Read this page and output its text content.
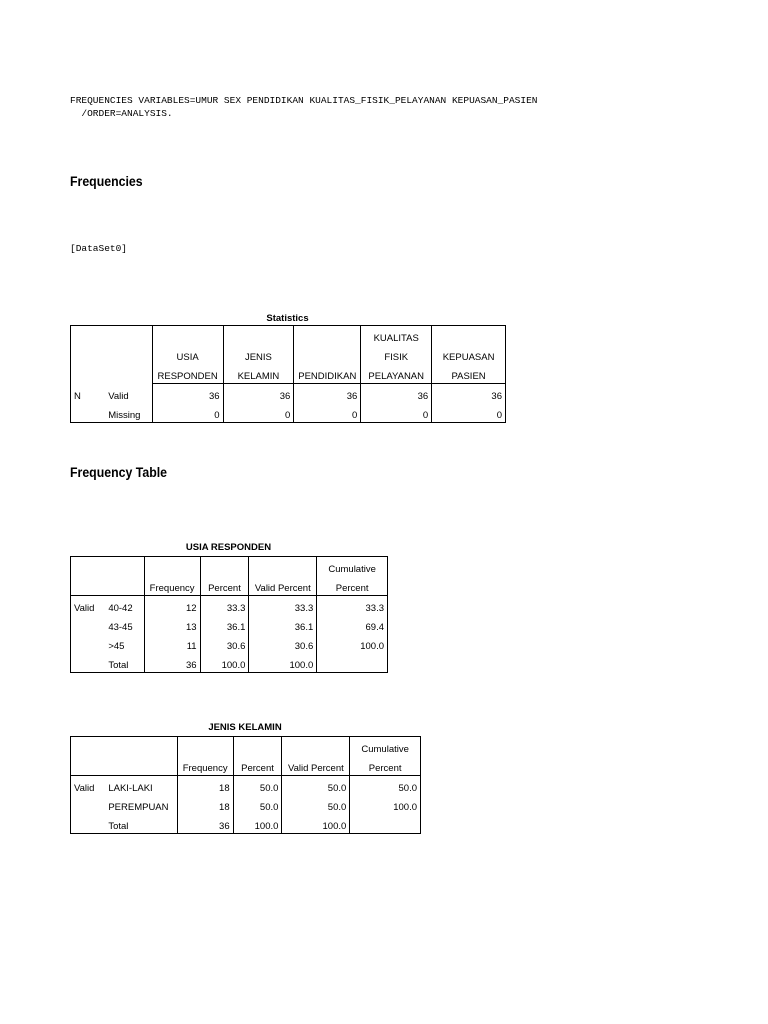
FREQUENCIES VARIABLES=UMUR SEX PENDIDIKAN KUALITAS_FISIK_PELAYANAN KEPUASAN_PASIEN
/ORDER=ANALYSIS.
Frequencies
[DataSet0]
Statistics
					KUALITAS	
		USIA	JENIS		FISIK	KEPUASAN
		RESPONDEN	KELAMIN	PENDIDIKAN	PELAYANAN	PASIEN
N	Valid	36	36	36	36	36
	Missing	0	0	0	0	0
Frequency Table
USIA RESPONDEN
		Frequency	Percent	Valid Percent	Cumulative
					Percent
Valid	40-42	12	33.3	33.3	33.3
	43-45	13	36.1	36.1	69.4
	>45	11	30.6	30.6	100.0
	Total	36	100.0	100.0	
JENIS KELAMIN
		Frequency	Percent	Valid Percent	Cumulative
					Percent
Valid	LAKI-LAKI	18	50.0	50.0	50.0
	PEREMPUAN	18	50.0	50.0	100.0
	Total	36	100.0	100.0	
